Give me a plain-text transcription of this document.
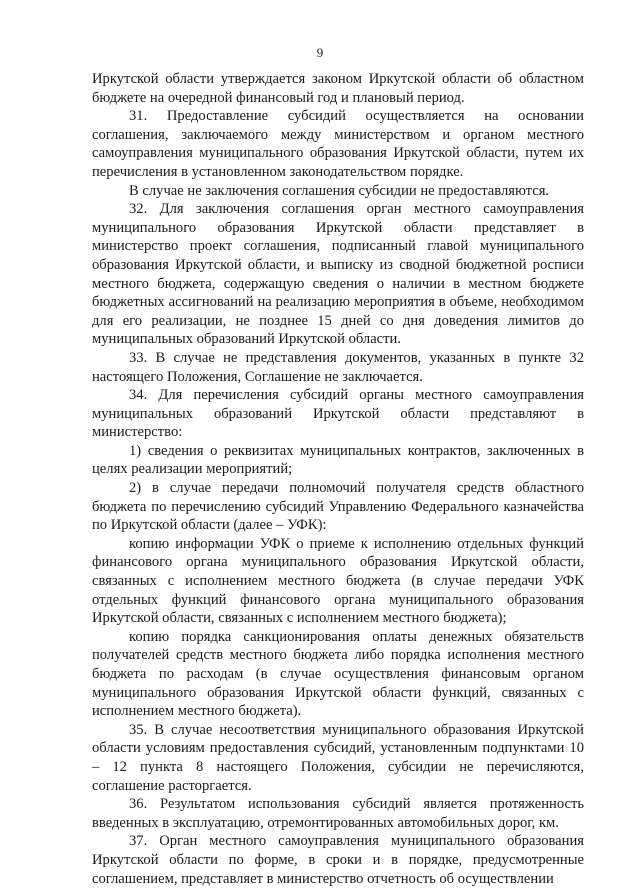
9

Иркутской области утверждается законом Иркутской области об областном бюджете на очередной финансовый год и плановый период.

31. Предоставление субсидий осуществляется на основании соглашения, заключаемого между министерством и органом местного самоуправления муниципального образования Иркутской области, путем их перечисления в установленном законодательством порядке.

В случае не заключения соглашения субсидии не предоставляются.

32. Для заключения соглашения орган местного самоуправления муниципального образования Иркутской области представляет в министерство проект соглашения, подписанный главой муниципального образования Иркутской области, и выписку из сводной бюджетной росписи местного бюджета, содержащую сведения о наличии в местном бюджете бюджетных ассигнований на реализацию мероприятия в объеме, необходимом для его реализации, не позднее 15 дней со дня доведения лимитов до муниципальных образований Иркутской области.

33. В случае не представления документов, указанных в пункте 32 настоящего Положения, Соглашение не заключается.

34. Для перечисления субсидий органы местного самоуправления муниципальных образований Иркутской области представляют в министерство:

1) сведения о реквизитах муниципальных контрактов, заключенных в целях реализации мероприятий;

2) в случае передачи полномочий получателя средств областного бюджета по перечислению субсидий Управлению Федерального казначейства по Иркутской области (далее – УФК):

копию информации УФК о приеме к исполнению отдельных функций финансового органа муниципального образования Иркутской области, связанных с исполнением местного бюджета (в случае передачи УФК отдельных функций финансового органа муниципального образования Иркутской области, связанных с исполнением местного бюджета);

копию порядка санкционирования оплаты денежных обязательств получателей средств местного бюджета либо порядка исполнения местного бюджета по расходам (в случае осуществления финансовым органом муниципального образования Иркутской области функций, связанных с исполнением местного бюджета).

35. В случае несоответствия муниципального образования Иркутской области условиям предоставления субсидий, установленным подпунктами 10 – 12 пункта 8 настоящего Положения, субсидии не перечисляются, соглашение расторгается.

36. Результатом использования субсидий является протяженность введенных в эксплуатацию, отремонтированных автомобильных дорог, км.

37. Орган местного самоуправления муниципального образования Иркутской области по форме, в сроки и в порядке, предусмотренные соглашением, представляет в министерство отчетность об осуществлении
